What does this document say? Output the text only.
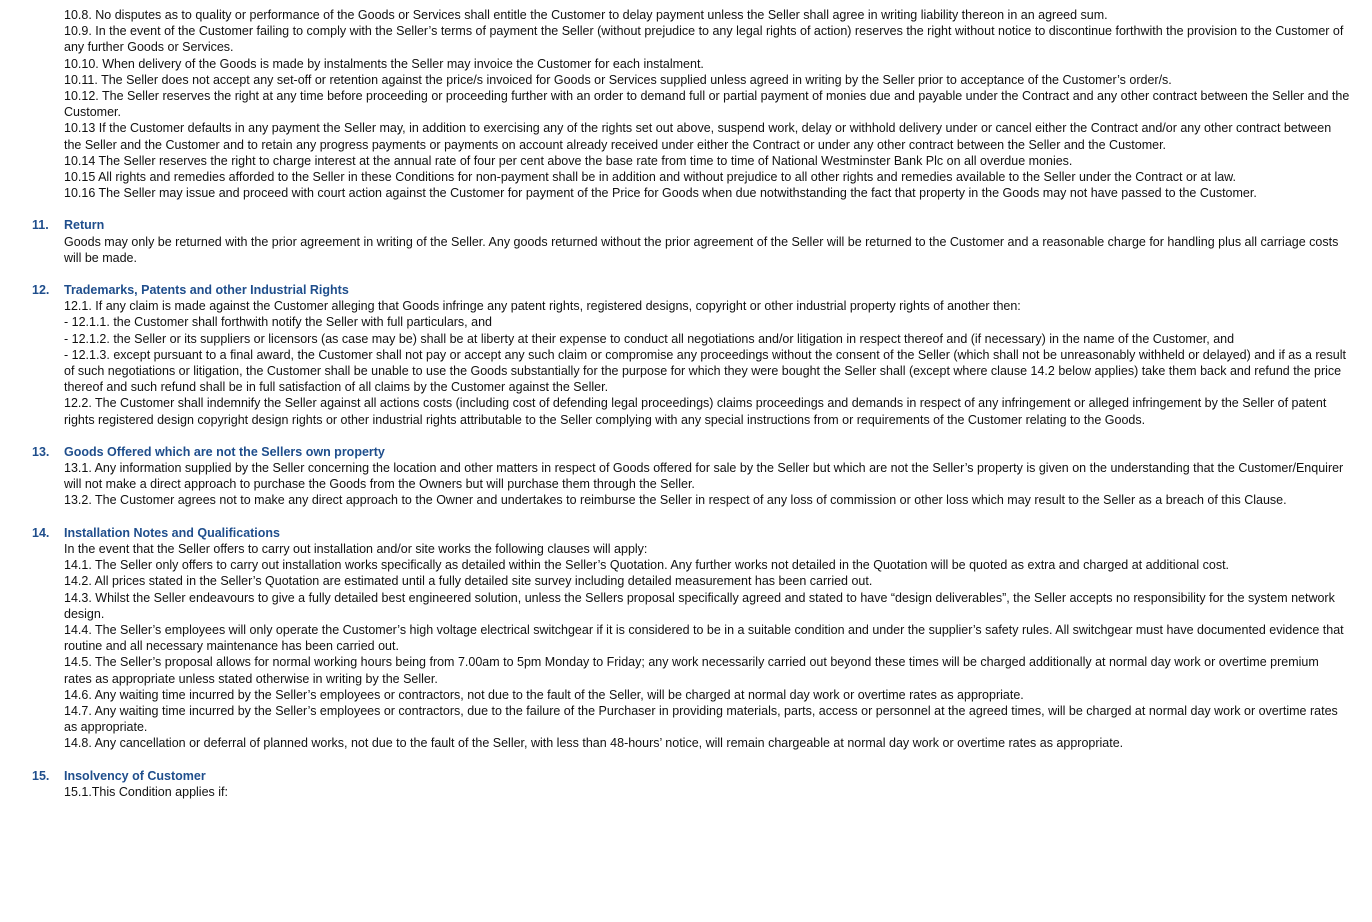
10.8. No disputes as to quality or performance of the Goods or Services shall entitle the Customer to delay payment unless the Seller shall agree in writing liability thereon in an agreed sum.

10.9. In the event of the Customer failing to comply with the Seller’s terms of payment the Seller (without prejudice to any legal rights of action) reserves the right without notice to discontinue forthwith the provision to the Customer of any further Goods or Services.

10.10. When delivery of the Goods is made by instalments the Seller may invoice the Customer for each instalment.

10.11. The Seller does not accept any set-off or retention against the price/s invoiced for Goods or Services supplied unless agreed in writing by the Seller prior to acceptance of the Customer’s order/s.

10.12. The Seller reserves the right at any time before proceeding or proceeding further with an order to demand full or partial payment of monies due and payable under the Contract and any other contract between the Seller and the Customer.

10.13 If the Customer defaults in any payment the Seller may, in addition to exercising any of the rights set out above, suspend work, delay or withhold delivery under or cancel either the Contract and/or any other contract between the Seller and the Customer and to retain any progress payments or payments on account already received under either the Contract or under any other contract between the Seller and the Customer.

10.14 The Seller reserves the right to charge interest at the annual rate of four per cent above the base rate from time to time of National Westminster Bank Plc on all overdue monies.

10.15 All rights and remedies afforded to the Seller in these Conditions for non-payment shall be in addition and without prejudice to all other rights and remedies available to the Seller under the Contract or at law.

10.16 The Seller may issue and proceed with court action against the Customer for payment of the Price for Goods when due notwithstanding the fact that property in the Goods may not have passed to the Customer.

11. Return

Goods may only be returned with the prior agreement in writing of the Seller. Any goods returned without the prior agreement of the Seller will be returned to the Customer and a reasonable charge for handling plus all carriage costs will be made.

12. Trademarks, Patents and other Industrial Rights

12.1. If any claim is made against the Customer alleging that Goods infringe any patent rights, registered designs, copyright or other industrial property rights of another then:

- 12.1.1. the Customer shall forthwith notify the Seller with full particulars, and

- 12.1.2. the Seller or its suppliers or licensors (as case may be) shall be at liberty at their expense to conduct all negotiations and/or litigation in respect thereof and (if necessary) in the name of the Customer, and

- 12.1.3. except pursuant to a final award, the Customer shall not pay or accept any such claim or compromise any proceedings without the consent of the Seller (which shall not be unreasonably withheld or delayed) and if as a result of such negotiations or litigation, the Customer shall be unable to use the Goods substantially for the purpose for which they were bought the Seller shall (except where clause 14.2 below applies) take them back and refund the price thereof and such refund shall be in full satisfaction of all claims by the Customer against the Seller.

12.2. The Customer shall indemnify the Seller against all actions costs (including cost of defending legal proceedings) claims proceedings and demands in respect of any infringement or alleged infringement by the Seller of patent rights registered design copyright design rights or other industrial rights attributable to the Seller complying with any special instructions from or requirements of the Customer relating to the Goods.

13. Goods Offered which are not the Sellers own property

13.1. Any information supplied by the Seller concerning the location and other matters in respect of Goods offered for sale by the Seller but which are not the Seller’s property is given on the understanding that the Customer/Enquirer will not make a direct approach to purchase the Goods from the Owners but will purchase them through the Seller.

13.2. The Customer agrees not to make any direct approach to the Owner and undertakes to reimburse the Seller in respect of any loss of commission or other loss which may result to the Seller as a breach of this Clause.

14. Installation Notes and Qualifications

In the event that the Seller offers to carry out installation and/or site works the following clauses will apply:

14.1. The Seller only offers to carry out installation works specifically as detailed within the Seller’s Quotation. Any further works not detailed in the Quotation will be quoted as extra and charged at additional cost.

14.2. All prices stated in the Seller’s Quotation are estimated until a fully detailed site survey including detailed measurement has been carried out.

14.3. Whilst the Seller endeavours to give a fully detailed best engineered solution, unless the Sellers proposal specifically agreed and stated to have “design deliverables”, the Seller accepts no responsibility for the system network design.

14.4. The Seller’s employees will only operate the Customer’s high voltage electrical switchgear if it is considered to be in a suitable condition and under the supplier’s safety rules. All switchgear must have documented evidence that routine and all necessary maintenance has been carried out.

14.5. The Seller’s proposal allows for normal working hours being from 7.00am to 5pm Monday to Friday; any work necessarily carried out beyond these times will be charged additionally at normal day work or overtime premium rates as appropriate unless stated otherwise in writing by the Seller.

14.6. Any waiting time incurred by the Seller’s employees or contractors, not due to the fault of the Seller, will be charged at normal day work or overtime rates as appropriate.

14.7. Any waiting time incurred by the Seller’s employees or contractors, due to the failure of the Purchaser in providing materials, parts, access or personnel at the agreed times, will be charged at normal day work or overtime rates as appropriate.

14.8. Any cancellation or deferral of planned works, not due to the fault of the Seller, with less than 48-hours’ notice, will remain chargeable at normal day work or overtime rates as appropriate.

15. Insolvency of Customer

15.1.This Condition applies if:
